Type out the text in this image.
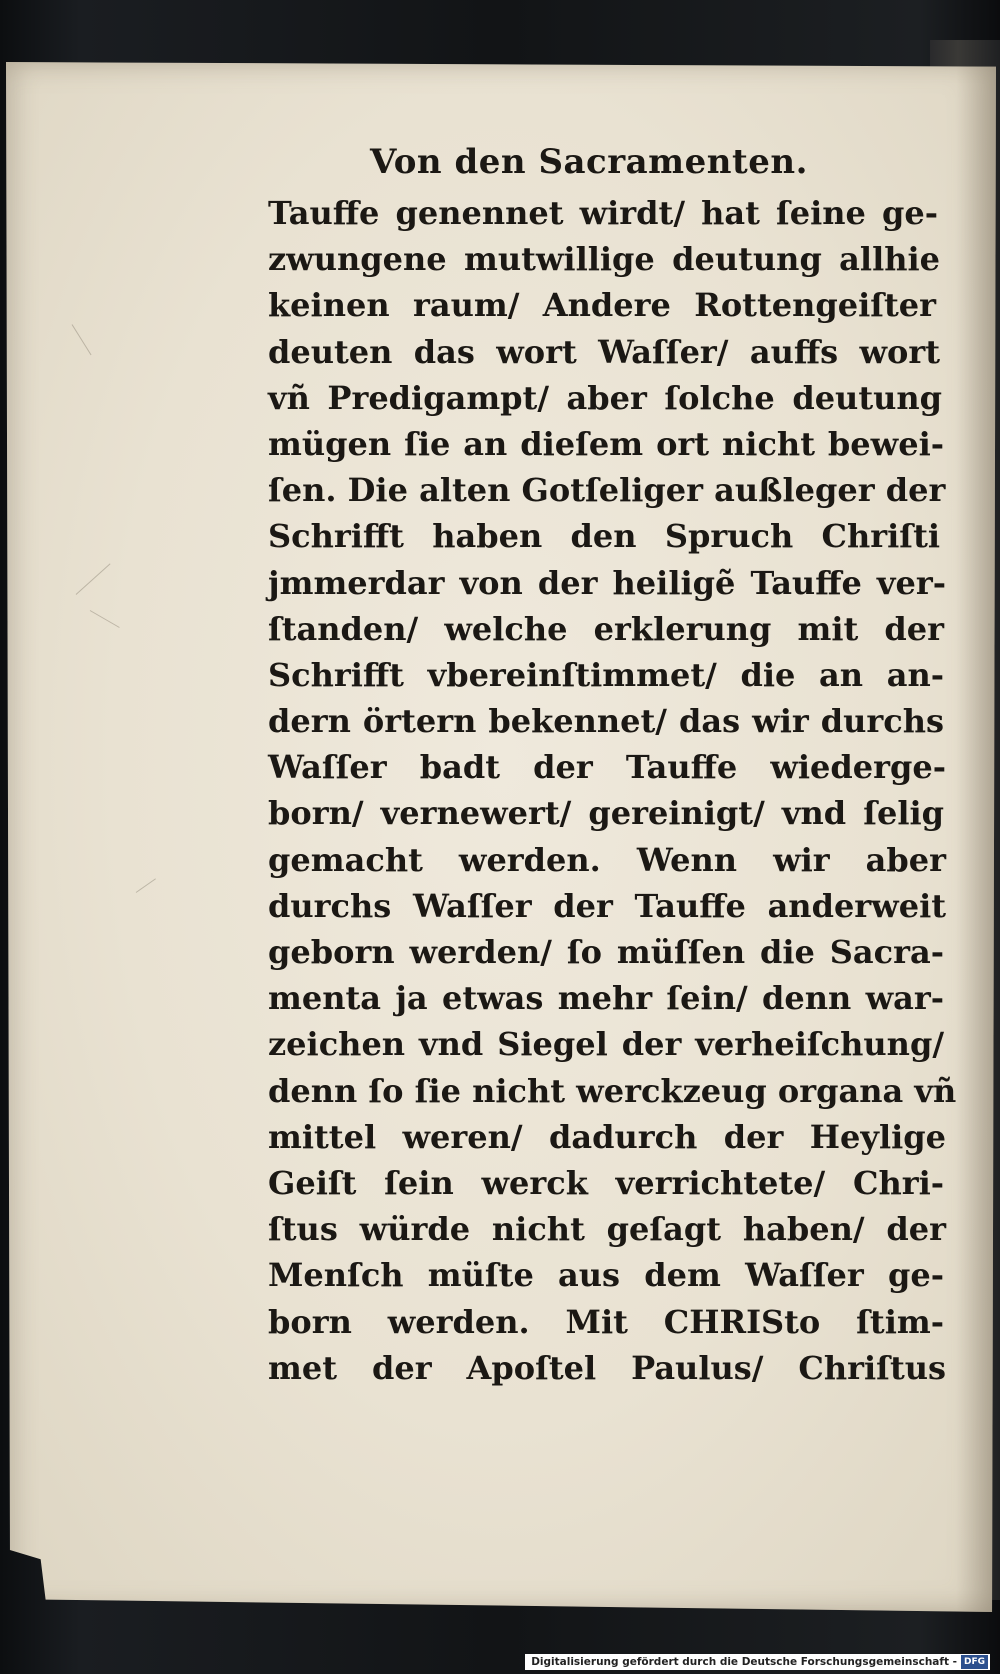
Von den Sacramenten.
Tauffe genennet wirdt/ hat ſeine ge-
zwungene mutwillige deutung allhie
keinen raum/ Andere Rottengeiſter
deuten das wort Waſſer/ auffs wort
vñ Predigampt/ aber ſolche deutung
mügen ſie an dieſem ort nicht bewei-
ſen. Die alten Gotſeliger außleger der
Schrifft haben den Spruch Chriſti
jmmerdar von der heiligẽ Tauffe ver-
ſtanden/ welche erklerung mit der
Schrifft vbereinſtimmet/ die an an-
dern örtern bekennet/ das wir durchs
Waſſer badt der Tauffe wiederge-
born/ vernewert/ gereinigt/ vnd ſelig
gemacht werden. Wenn wir aber
durchs Waſſer der Tauffe anderweit
geborn werden/ ſo müſſen die Sacra-
menta ja etwas mehr ſein/ denn war-
zeichen vnd Siegel der verheiſchung/
denn ſo ſie nicht werckzeug organa vñ
mittel weren/ dadurch der Heylige
Geiſt ſein werck verrichtete/ Chri-
ſtus würde nicht geſagt haben/ der
Menſch müſte aus dem Waſſer ge-
born werden. Mit CHRISto ſtim-
met der Apoſtel Paulus/ Chriſtus
Digitalisierung gefördert durch die Deutsche Forschungsgemeinschaft - DFG
